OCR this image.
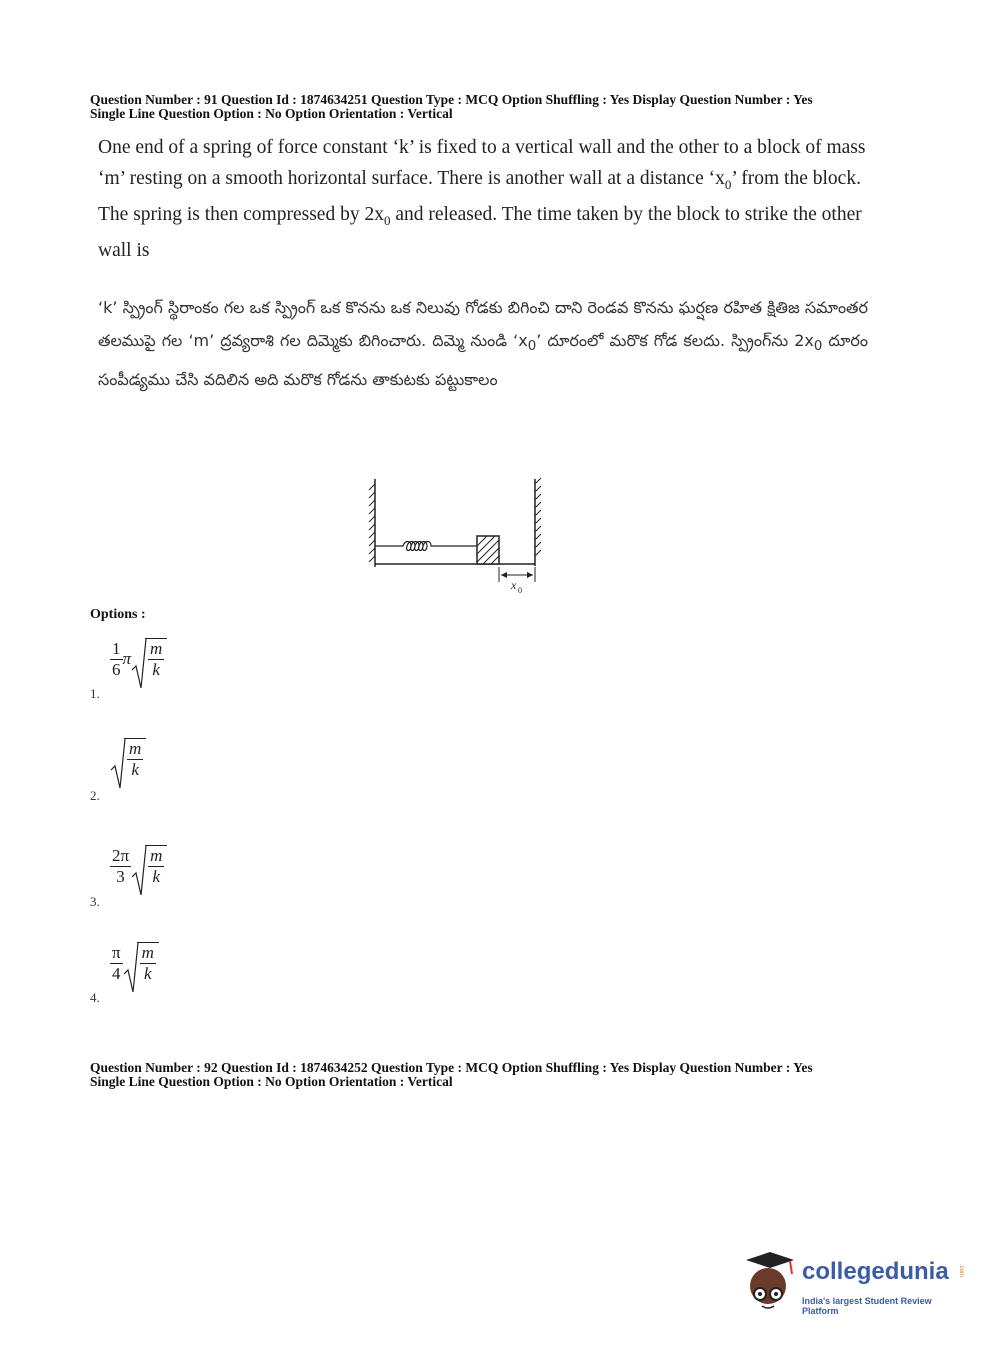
Question Number : 91 Question Id : 1874634251 Question Type : MCQ Option Shuffling : Yes Display Question Number : Yes
Single Line Question Option : No Option Orientation : Vertical
One end of a spring of force constant ‘k’ is fixed to a vertical wall and the other to a block of mass ‘m’ resting on a smooth horizontal surface. There is another wall at a distance ‘$x_0$’ from the block. The spring is then compressed by $2x_0$ and released. The time taken by the block to strike the other wall is
‘k’ స్ప్రింగ్ స్థిరాంకం గల ఒక స్ప్రింగ్ ఒక కొనను ఒక నిలువు గోడకు బిగించి దాని రెండవ కొనను ఘర్షణ రహిత క్షితిజ సమాంతర తలముపై గల ‘m’ ద్రవ్యరాశి గల దిమ్మెకు బిగించారు. దిమ్మె నుండి ‘$x_0$’ దూరంలో మరొక గోడ కలదు. స్ప్రింగ్‌ను $2x_0$ దూరం సంపీడ్యము చేసి వదిలిన అది మరొక గోడను తాకుటకు పట్టుకాలం
x 0
Options :
$\frac{1}{6}$ π $\frac{m}{k}$
1.
$\frac{m}{k}$
2.
$\frac{2\pi}{3} \frac{m}{k}$
3.
$\frac{\pi}{4} \frac{m}{k}$
4.
Question Number : 92 Question Id : 1874634252 Question Type : MCQ Option Shuffling : Yes Display Question Number : Yes
Single Line Question Option : No Option Orientation : Vertical
collegedunia .com
India's largest Student Review Platform
